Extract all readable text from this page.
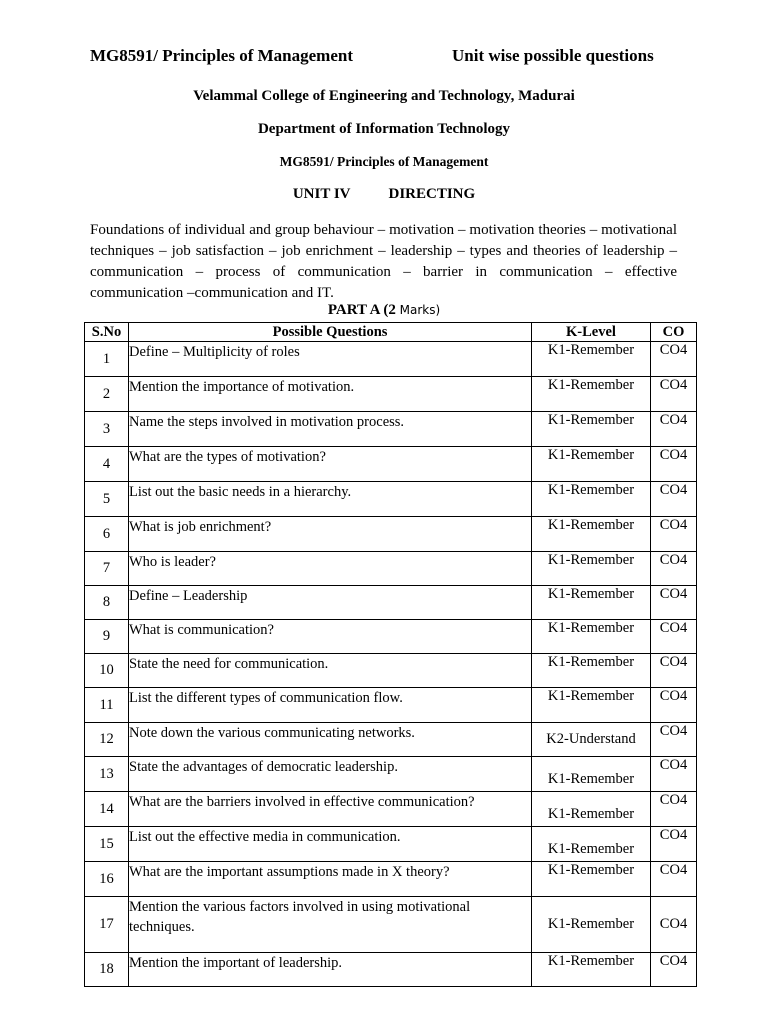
MG8591/ Principles of Management	Unit wise possible questions
Velammal College of Engineering and Technology, Madurai
Department of Information Technology
MG8591/ Principles of Management
UNIT IV	DIRECTING
Foundations of individual and group behaviour – motivation – motivation theories – motivational techniques – job satisfaction – job enrichment – leadership – types and theories of leadership – communication – process of communication – barrier in communication – effective communication –communication and IT.
PART A (2 Marks)
S.No	Possible Questions	K-Level	CO
1	Define – Multiplicity of roles	K1-Remember	CO4
2	Mention the importance of motivation.	K1-Remember	CO4
3	Name the steps involved in motivation process.	K1-Remember	CO4
4	What are the types of motivation?	K1-Remember	CO4
5	List out the basic needs in a hierarchy.	K1-Remember	CO4
6	What is job enrichment?	K1-Remember	CO4
7	Who is leader?	K1-Remember	CO4
8	Define – Leadership	K1-Remember	CO4
9	What is communication?	K1-Remember	CO4
10	State the need for communication.	K1-Remember	CO4
11	List the different types of communication flow.	K1-Remember	CO4
12	Note down the various communicating networks.	K2-Understand	CO4
13	State the advantages of democratic leadership.	K1-Remember	CO4
14	What are the barriers involved in effective communication?	K1-Remember	CO4
15	List out the effective media in communication.	K1-Remember	CO4
16	What are the important assumptions made in X theory?	K1-Remember	CO4
17	Mention the various factors involved in using motivational techniques.	K1-Remember	CO4
18	Mention the important of leadership.	K1-Remember	CO4
